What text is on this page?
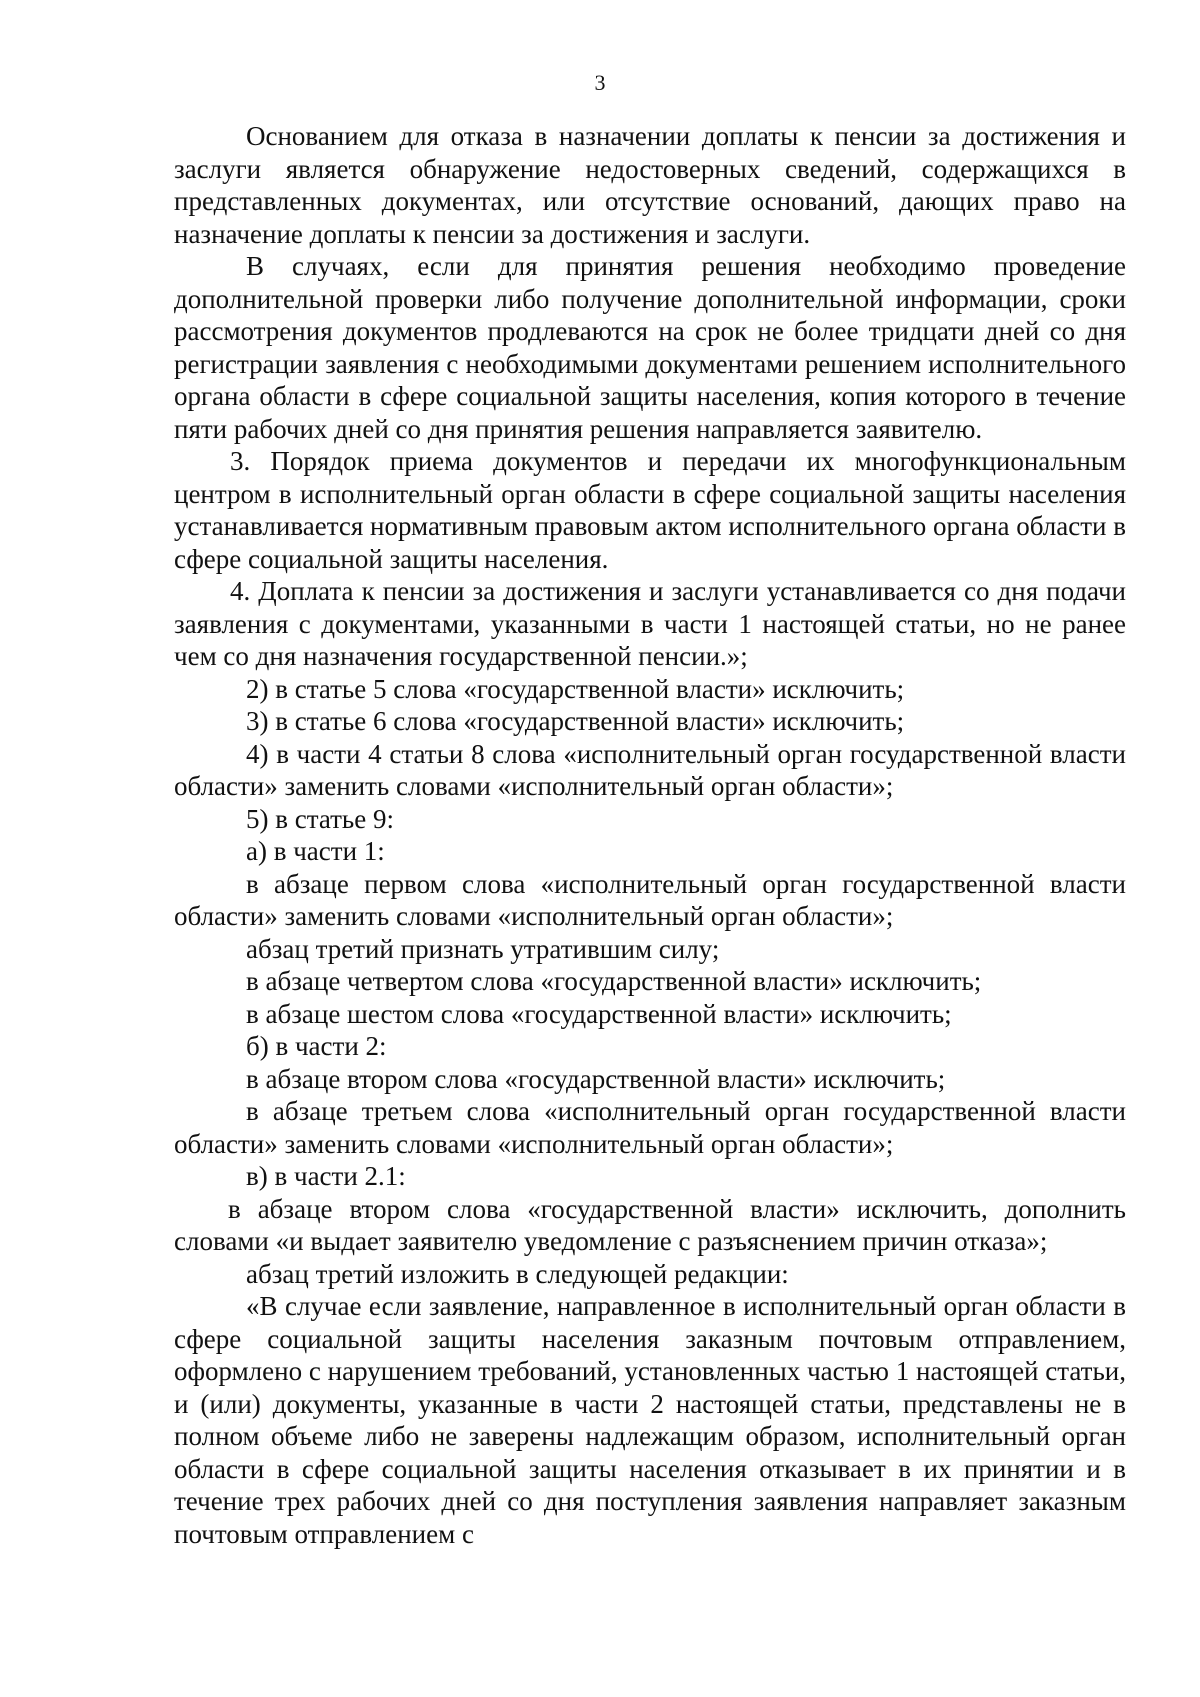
3

Основанием для отказа в назначении доплаты к пенсии за достижения и заслуги является обнаружение недостоверных сведений, содержащихся в представленных документах, или отсутствие оснований, дающих право на назначение доплаты к пенсии за достижения и заслуги.

В случаях, если для принятия решения необходимо проведение дополнительной проверки либо получение дополнительной информации, сроки рассмотрения документов продлеваются на срок не более тридцати дней со дня регистрации заявления с необходимыми документами решением исполнительного органа области в сфере социальной защиты населения, копия которого в течение пяти рабочих дней со дня принятия решения направляется заявителю.

3. Порядок приема документов и передачи их многофункциональным центром в исполнительный орган области в сфере социальной защиты населения устанавливается нормативным правовым актом исполнительного органа области в сфере социальной защиты населения.

4. Доплата к пенсии за достижения и заслуги устанавливается со дня подачи заявления с документами, указанными в части 1 настоящей статьи, но не ранее чем со дня назначения государственной пенсии.»;

2) в статье 5 слова «государственной власти» исключить;

3) в статье 6 слова «государственной власти» исключить;

4) в части 4 статьи 8 слова «исполнительный орган государственной власти области» заменить словами «исполнительный орган области»;

5) в статье 9:

а) в части 1:

в абзаце первом слова «исполнительный орган государственной власти области» заменить словами «исполнительный орган области»;

абзац третий признать утратившим силу;

в абзаце четвертом слова «государственной власти» исключить;

в абзаце шестом слова «государственной власти» исключить;

б) в части 2:

в абзаце втором слова «государственной власти» исключить;

в абзаце третьем слова «исполнительный орган государственной власти области» заменить словами «исполнительный орган области»;

в) в части 2.1:

в абзаце втором слова «государственной власти» исключить, дополнить словами «и выдает заявителю уведомление с разъяснением причин отказа»;

абзац третий изложить в следующей редакции:

«В случае если заявление, направленное в исполнительный орган области в сфере социальной защиты населения заказным почтовым отправлением, оформлено с нарушением требований, установленных частью 1 настоящей статьи, и (или) документы, указанные в части 2 настоящей статьи, представлены не в полном объеме либо не заверены надлежащим образом, исполнительный орган области в сфере социальной защиты населения отказывает в их принятии и в течение трех рабочих дней со дня поступления заявления направляет заказным почтовым отправлением с
